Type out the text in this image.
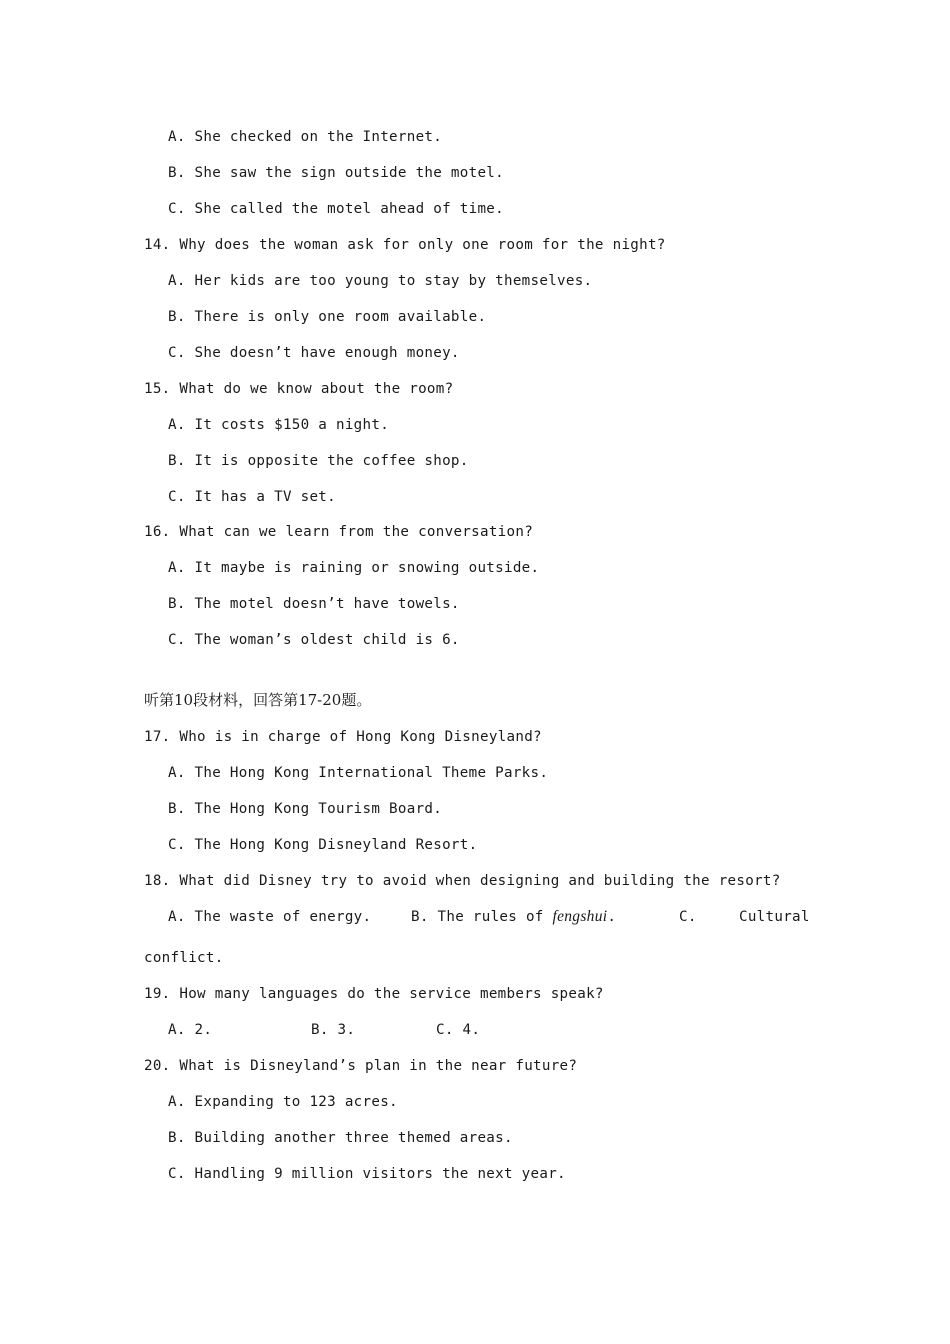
A. She checked on the Internet.
B. She saw the sign outside the motel.
C. She called the motel ahead of time.
14. Why does the woman ask for only one room for the night?
A. Her kids are too young to stay by themselves.
B. There is only one room available.
C. She doesn’t have enough money.
15. What do we know about the room?
A. It costs $150 a night.
B. It is opposite the coffee shop.
C. It has a TV set.
16. What can we learn from the conversation?
A. It maybe is raining or snowing outside.
B. The motel doesn’t have towels.
C. The woman’s oldest child is 6.
听第10段材料，回答第17-20题。
17. Who is in charge of Hong Kong Disneyland?
A. The Hong Kong International Theme Parks.
B. The Hong Kong Tourism Board.
C. The Hong Kong Disneyland Resort.
18. What did Disney try to avoid when designing and building the resort?
A. The waste of energy.	B. The rules of fengshui.	C.	Cultural
conflict.
19. How many languages do the service members speak?
A. 2.	B. 3.	C. 4.
20. What is Disneyland’s plan in the near future?
A. Expanding to 123 acres.
B. Building another three themed areas.
C. Handling 9 million visitors the next year.
